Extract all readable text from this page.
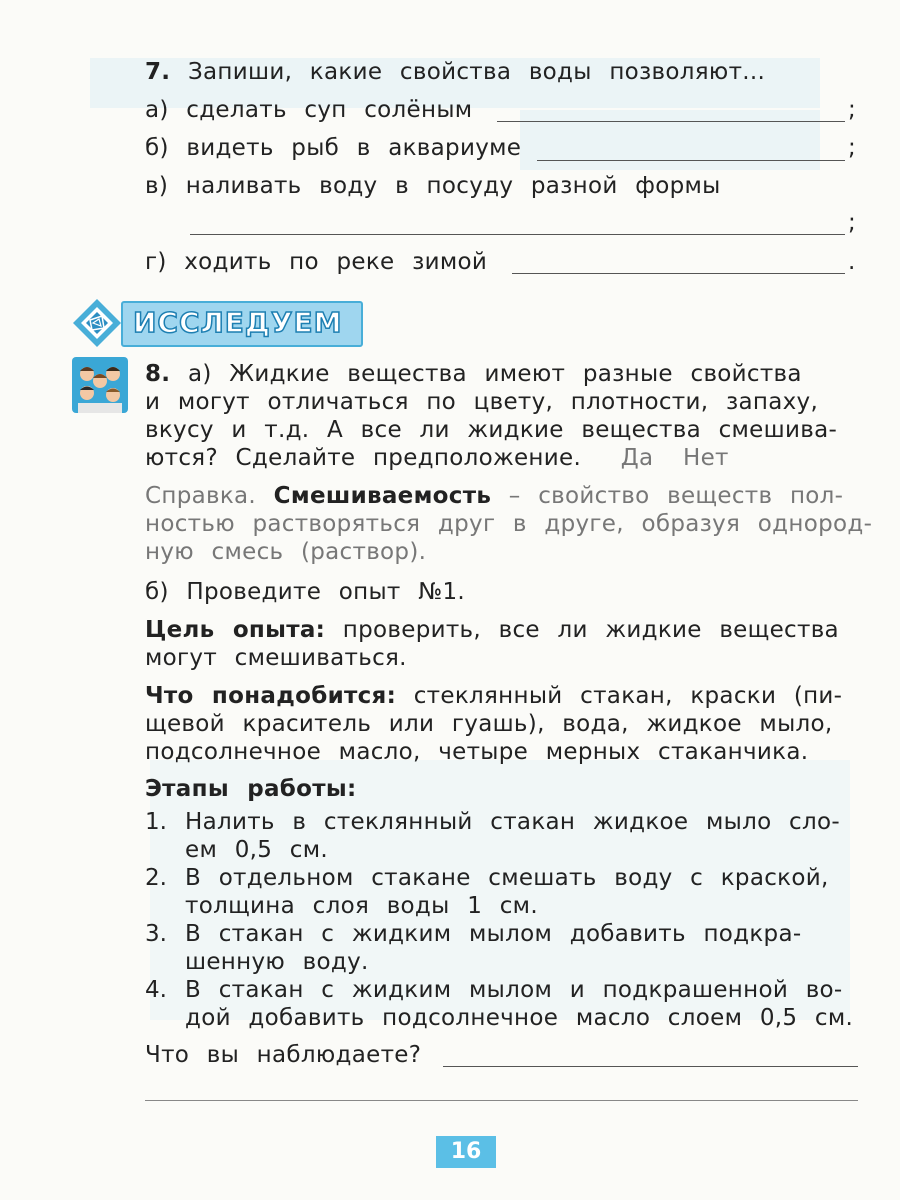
7. Запиши, какие свойства воды позволяют...
а) сделать суп солёным	;
б) видеть рыб в аквариуме	;
в) наливать воду в посуду разной формы
;
г) ходить по реке зимой	.
ИССЛЕДУЕМ
8. а) Жидкие вещества имеют разные свойства
и могут отличаться по цвету, плотности, запаху,
вкусу и т.д. А все ли жидкие вещества смешива-
ются? Сделайте предположение. Да Нет
Справка. Смешиваемость – свойство веществ пол-
ностью растворяться друг в друге, образуя однород-
ную смесь (раствор).
б) Проведите опыт №1.
Цель опыта: проверить, все ли жидкие вещества
могут смешиваться.
Что понадобится: стеклянный стакан, краски (пи-
щевой краситель или гуашь), вода, жидкое мыло,
подсолнечное масло, четыре мерных стаканчика.
Этапы работы:
1. Налить в стеклянный стакан жидкое мыло сло-
ем 0,5 см.
2. В отдельном стакане смешать воду с краской,
толщина слоя воды 1 см.
3. В стакан с жидким мылом добавить подкра-
шенную воду.
4. В стакан с жидким мылом и подкрашенной во-
дой добавить подсолнечное масло слоем 0,5 см.
Что вы наблюдаете?
16
